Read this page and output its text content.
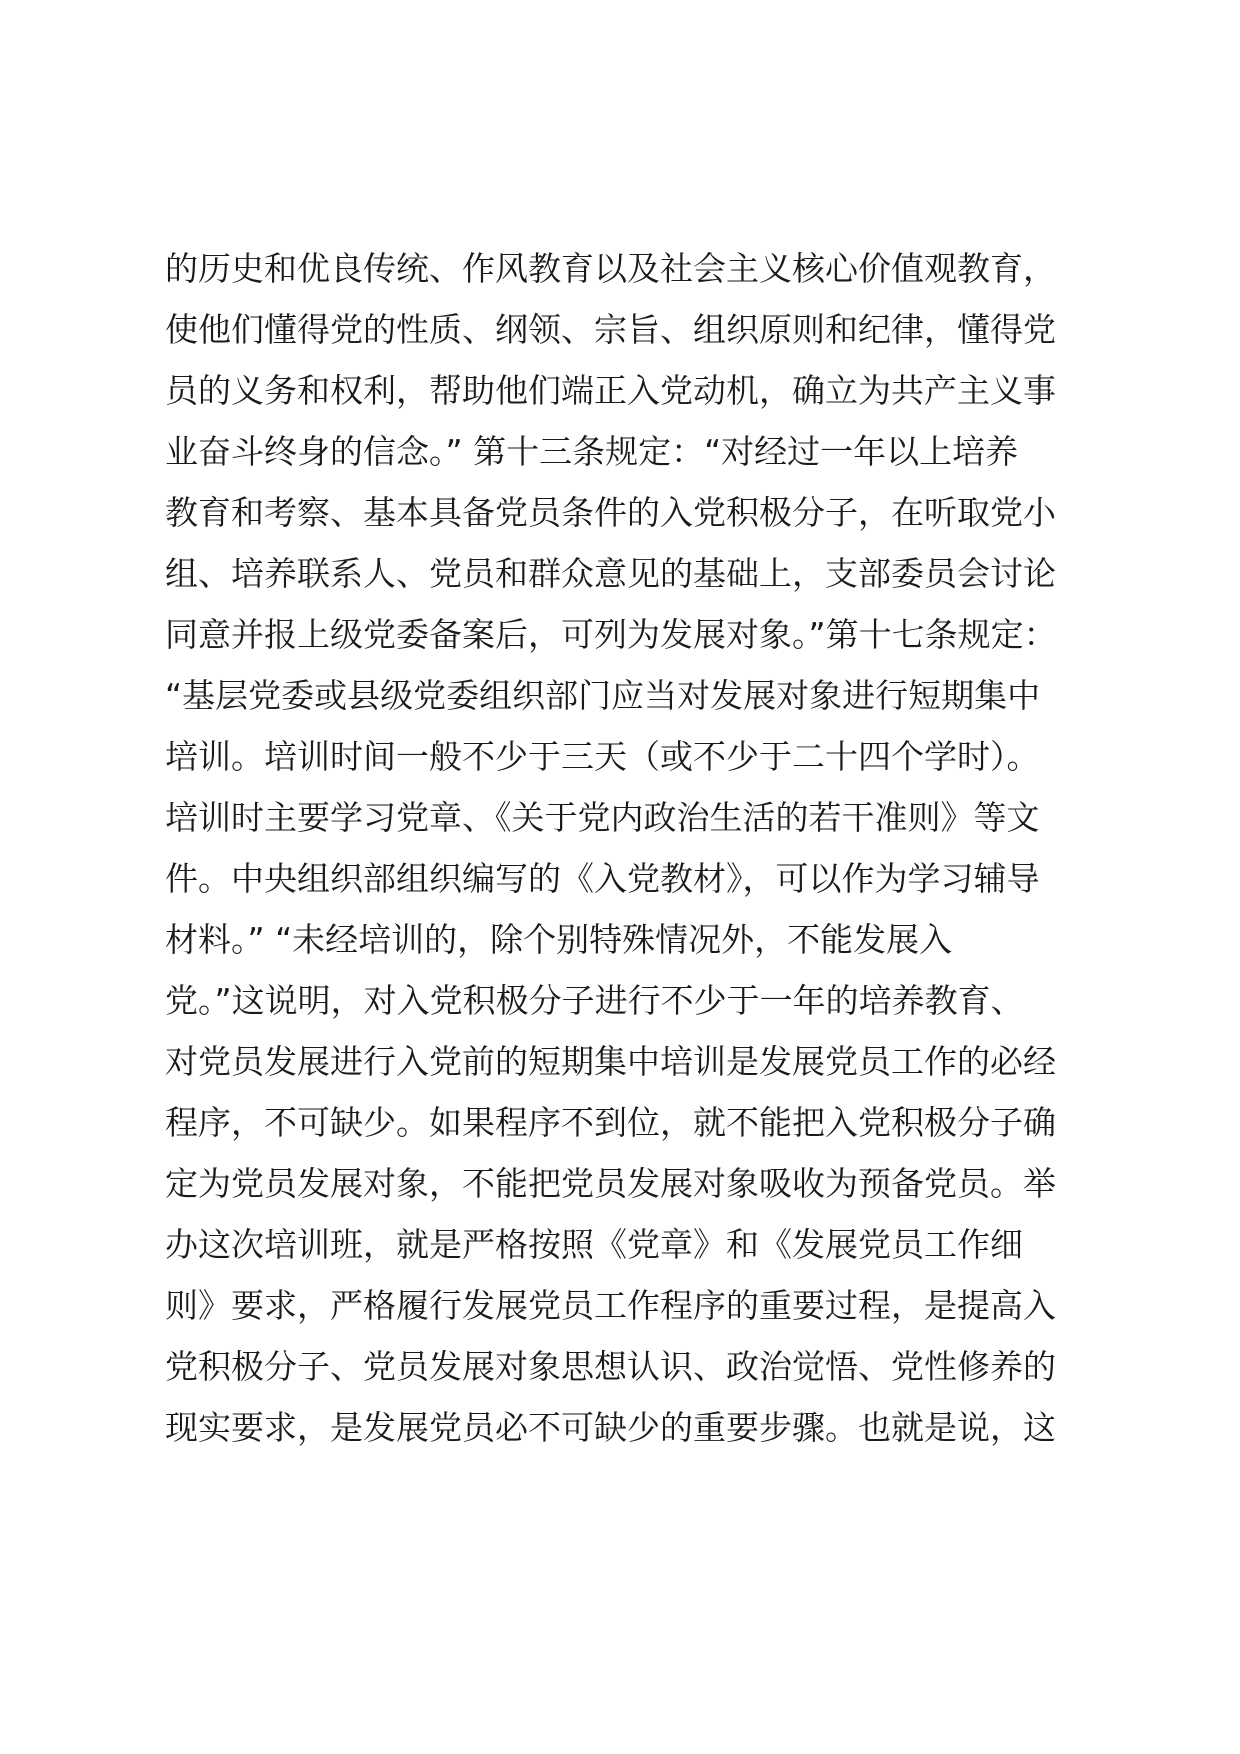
的历史和优良传统、作风教育以及社会主义核心价值观教育，
使他们懂得党的性质、纲领、宗旨、组织原则和纪律，懂得党
员的义务和权利，帮助他们端正入党动机，确立为共产主义事
业奋斗终身的信念。” 第十三条规定：“对经过一年以上培养
教育和考察、基本具备党员条件的入党积极分子，在听取党小
组、培养联系人、党员和群众意见的基础上，支部委员会讨论
同意并报上级党委备案后，可列为发展对象。”第十七条规定：
“基层党委或县级党委组织部门应当对发展对象进行短期集中
培训。培训时间一般不少于三天（或不少于二十四个学时）。
培训时主要学习党章、《关于党内政治生活的若干准则》等文
件。中央组织部组织编写的《入党教材》，可以作为学习辅导
材料。” “未经培训的，除个别特殊情况外，不能发展入
党。”这说明，对入党积极分子进行不少于一年的培养教育、
对党员发展进行入党前的短期集中培训是发展党员工作的必经
程序，不可缺少。如果程序不到位，就不能把入党积极分子确
定为党员发展对象，不能把党员发展对象吸收为预备党员。举
办这次培训班，就是严格按照《党章》和《发展党员工作细
则》要求，严格履行发展党员工作程序的重要过程，是提高入
党积极分子、党员发展对象思想认识、政治觉悟、党性修养的
现实要求，是发展党员必不可缺少的重要步骤。也就是说，这
